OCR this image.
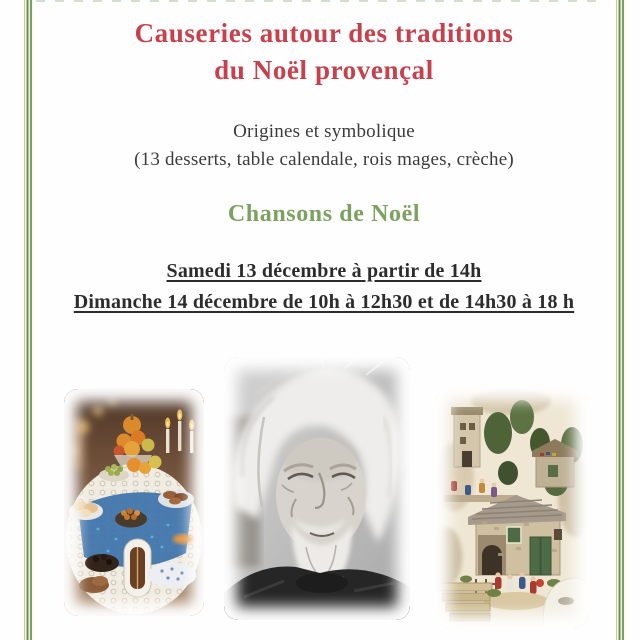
Causeries autour des traditions
du Noël provençal
Origines et symbolique
(13 desserts, table calendale, rois mages, crèche)
Chansons de Noël
Samedi 13 décembre à partir de 14h
Dimanche 14 décembre de 10h à 12h30 et de 14h30 à 18 h
